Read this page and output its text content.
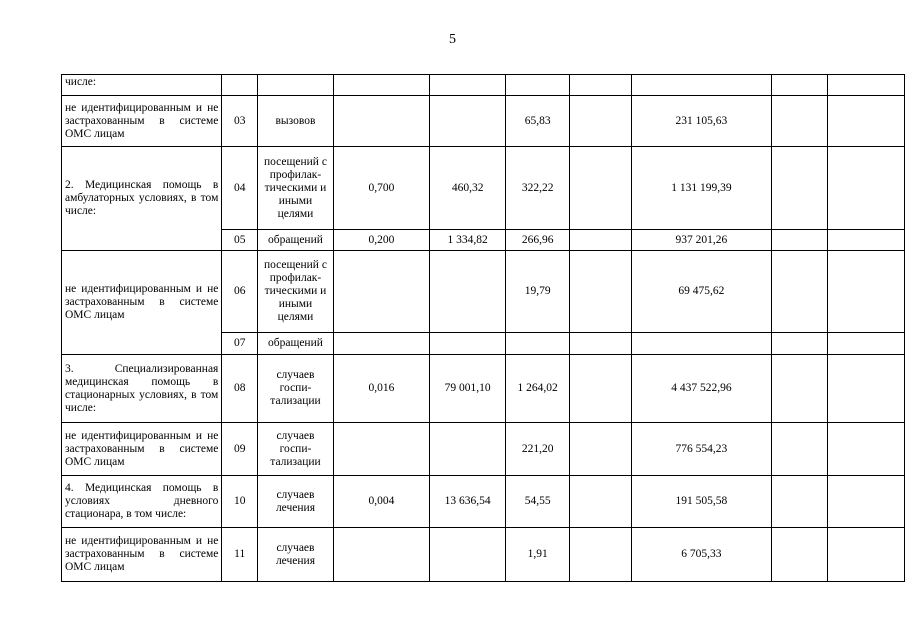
5
числе:									
не идентифицированным и не застрахованным в системе ОМС лицам	03	вызовов			65,83		231 105,63		
2. Медицинская помощь в амбулаторных условиях, в том числе:	04	посещений с профилак-тическими и иными целями	0,700	460,32	322,22		1 131 199,39		
	05	обращений	0,200	1 334,82	266,96		937 201,26		
не идентифицированным и не застрахованным в системе ОМС лицам	06	посещений с профилак-тическими и иными целями			19,79		69 475,62		
	07	обращений							
3. Специализированная медицинская помощь в стационарных условиях, в том числе:	08	случаев госпи-тализации	0,016	79 001,10	1 264,02		4 437 522,96		
не идентифицированным и не застрахованным в системе ОМС лицам	09	случаев госпи-тализации			221,20		776 554,23		
4. Медицинская помощь в условиях дневного стационара, в том числе:	10	случаев лечения	0,004	13 636,54	54,55		191 505,58		
не идентифицированным и не застрахованным в системе ОМС лицам	11	случаев лечения			1,91		6 705,33		
